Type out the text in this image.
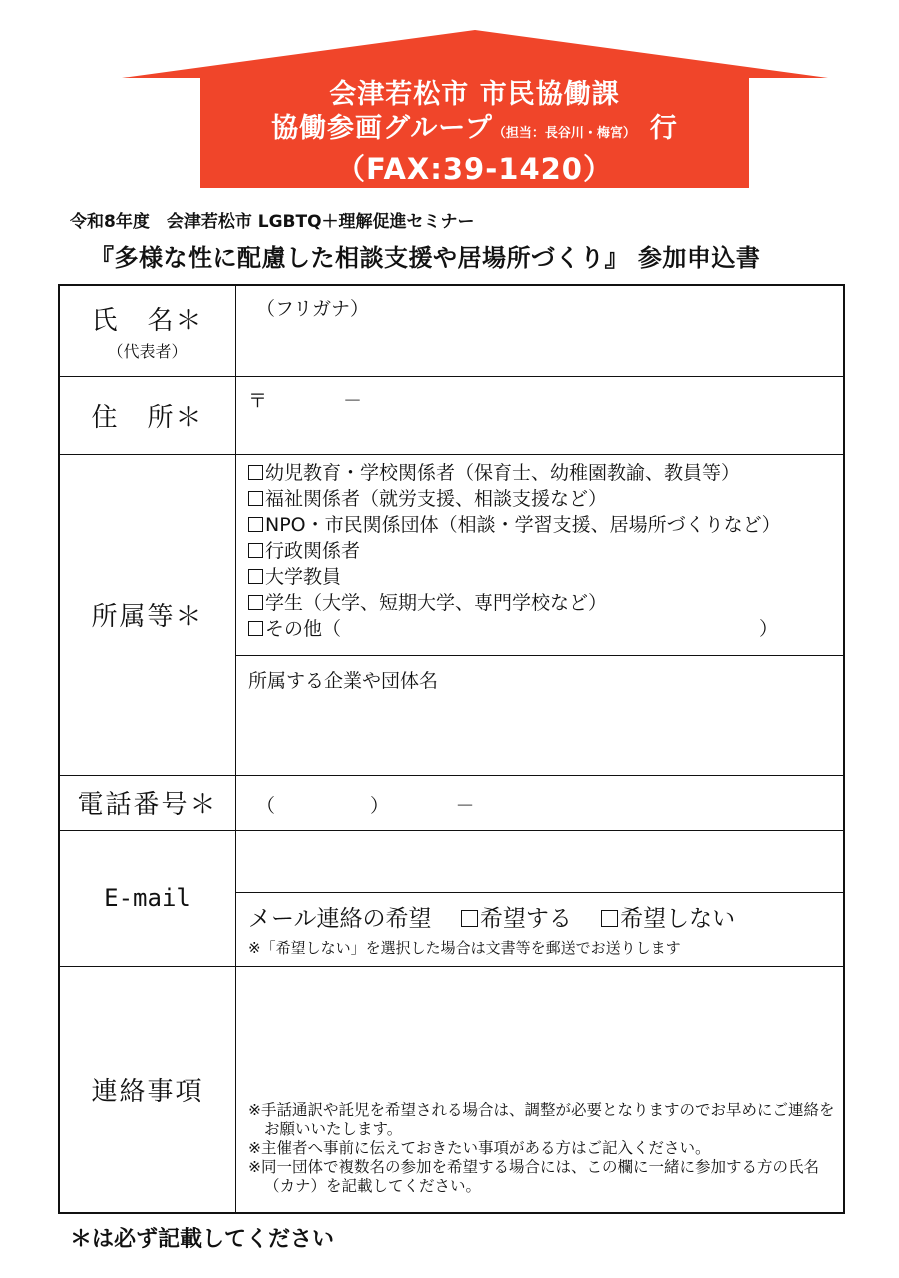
会津若松市 市民協働課
協働参画グループ（担当：長谷川・梅宮） 行
（FAX:39-1420）
令和8年度　会津若松市 LGBTQ＋理解促進セミナー
『多様な性に配慮した相談支援や居場所づくり』 参加申込書
氏　名＊
（代表者）
（フリガナ）
住　所＊
〒　　　　－
所属等＊
幼児教育・学校関係者（保育士、幼稚園教諭、教員等）
福祉関係者（就労支援、相談支援など）
NPO・市民関係団体（相談・学習支援、居場所づくりなど）
行政関係者
大学教員
学生（大学、短期大学、専門学校など）
その他（　　　　　　　　　　　　　　　　　　　　　　）
所属する企業や団体名
電話番号＊ （　　　　　）　　　　－
E-mail
メール連絡の希望 希望する 希望しない
※「希望しない」を選択した場合は文書等を郵送でお送りします
連絡事項
※手話通訳や託児を希望される場合は、調整が必要となりますのでお早めにご連絡をお願いいたします。
※主催者へ事前に伝えておきたい事項がある方はご記入ください。
※同一団体で複数名の参加を希望する場合には、この欄に一緒に参加する方の氏名（カナ）を記載してください。
＊は必ず記載してください
